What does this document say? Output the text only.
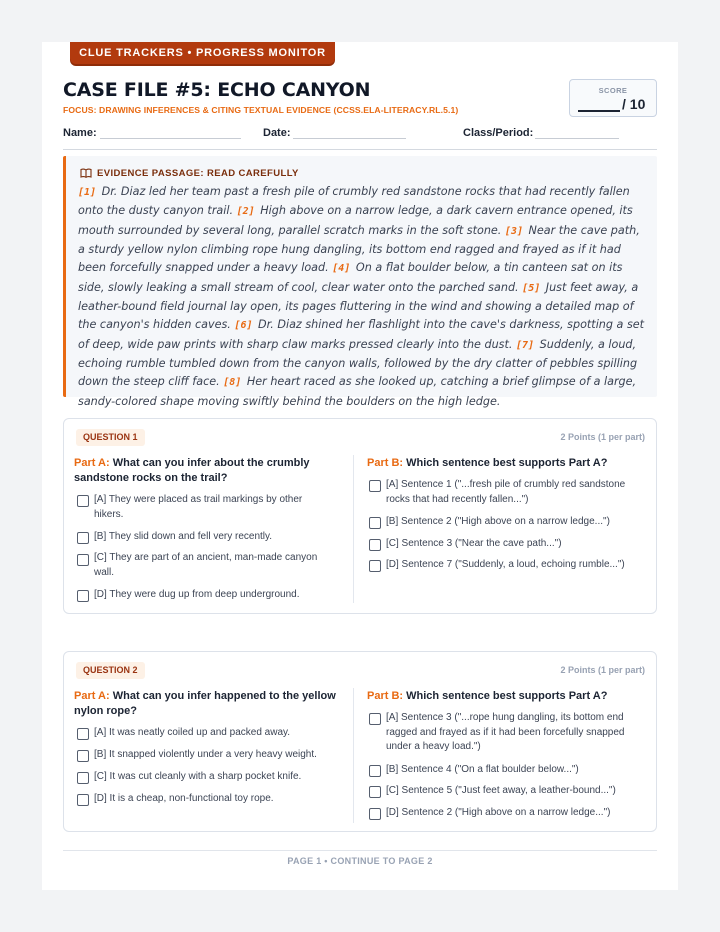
CLUE TRACKERS • PROGRESS MONITOR
CASE FILE #5: ECHO CANYON
FOCUS: DRAWING INFERENCES & CITING TEXTUAL EVIDENCE (CCSS.ELA-LITERACY.RL.5.1)
SCORE
/ 10
Name:	Date:	Class/Period:
EVIDENCE PASSAGE: READ CAREFULLY
[1] Dr. Diaz led her team past a fresh pile of crumbly red sandstone rocks that had recently fallen onto the dusty canyon trail. [2] High above on a narrow ledge, a dark cavern entrance opened, its mouth surrounded by several long, parallel scratch marks in the soft stone. [3] Near the cave path, a sturdy yellow nylon climbing rope hung dangling, its bottom end ragged and frayed as if it had been forcefully snapped under a heavy load. [4] On a flat boulder below, a tin canteen sat on its side, slowly leaking a small stream of cool, clear water onto the parched sand. [5] Just feet away, a leather-bound field journal lay open, its pages fluttering in the wind and showing a detailed map of the canyon's hidden caves. [6] Dr. Diaz shined her flashlight into the cave's darkness, spotting a set of deep, wide paw prints with sharp claw marks pressed clearly into the dust. [7] Suddenly, a loud, echoing rumble tumbled down from the canyon walls, followed by the dry clatter of pebbles spilling down the steep cliff face. [8] Her heart raced as she looked up, catching a brief glimpse of a large, sandy-colored shape moving swiftly behind the boulders on the high ledge.
QUESTION 1	2 Points (1 per part)
Part A: What can you infer about the crumbly sandstone rocks on the trail?
[A] They were placed as trail markings by other hikers.
[B] They slid down and fell very recently.
[C] They are part of an ancient, man-made canyon wall.
[D] They were dug up from deep underground.
Part B: Which sentence best supports Part A?
[A] Sentence 1 ("...fresh pile of crumbly red sandstone rocks that had recently fallen...")
[B] Sentence 2 ("High above on a narrow ledge...")
[C] Sentence 3 ("Near the cave path...")
[D] Sentence 7 ("Suddenly, a loud, echoing rumble...")
QUESTION 2	2 Points (1 per part)
Part A: What can you infer happened to the yellow nylon rope?
[A] It was neatly coiled up and packed away.
[B] It snapped violently under a very heavy weight.
[C] It was cut cleanly with a sharp pocket knife.
[D] It is a cheap, non-functional toy rope.
Part B: Which sentence best supports Part A?
[A] Sentence 3 ("...rope hung dangling, its bottom end ragged and frayed as if it had been forcefully snapped under a heavy load.")
[B] Sentence 4 ("On a flat boulder below...")
[C] Sentence 5 ("Just feet away, a leather-bound...")
[D] Sentence 2 ("High above on a narrow ledge...")
PAGE 1 • CONTINUE TO PAGE 2
